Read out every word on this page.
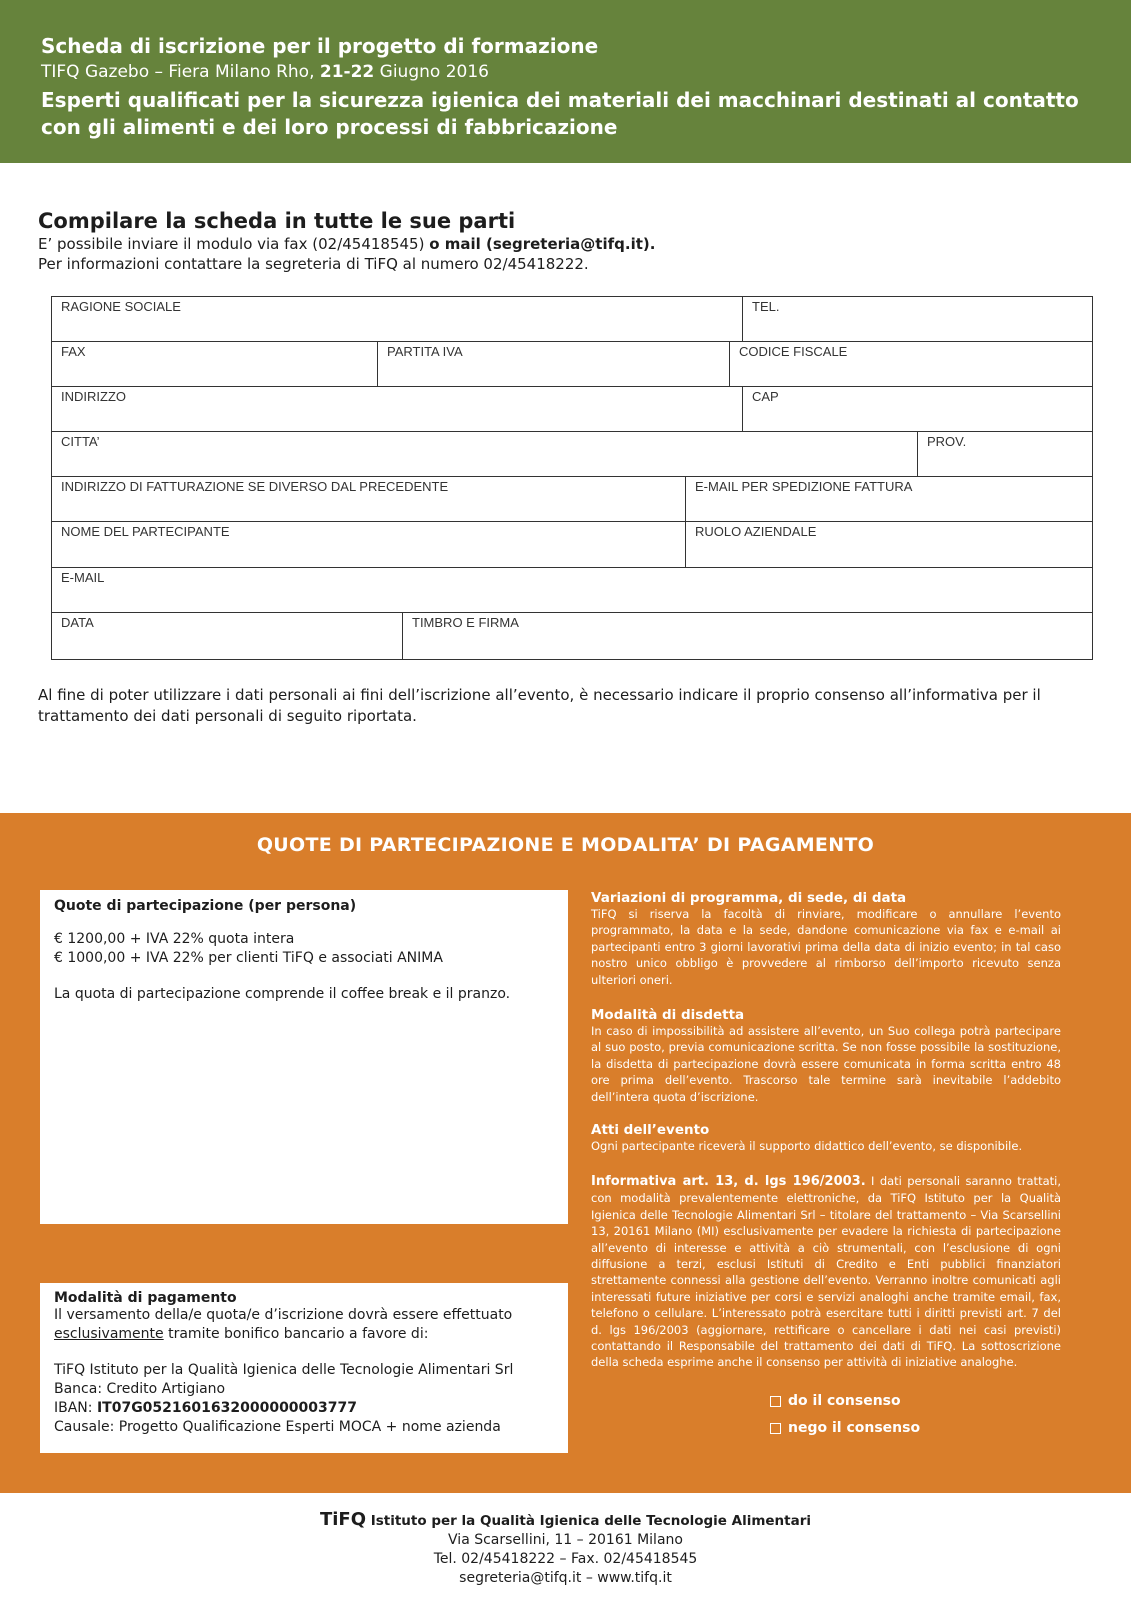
Scheda di iscrizione per il progetto di formazione
TIFQ Gazebo – Fiera Milano Rho, 21-22 Giugno 2016
Esperti qualificati per la sicurezza igienica dei materiali dei macchinari destinati al contatto con gli alimenti e dei loro processi di fabbricazione
Compilare la scheda in tutte le sue parti
E’ possibile inviare il modulo via fax (02/45418545) o mail (segreteria@tifq.it).
Per informazioni contattare la segreteria di TiFQ al numero 02/45418222.
RAGIONE SOCIALE	TEL.
FAX	PARTITA IVA	CODICE FISCALE
INDIRIZZO	CAP
CITTA’	PROV.
INDIRIZZO DI FATTURAZIONE SE DIVERSO DAL PRECEDENTE	E-MAIL PER SPEDIZIONE FATTURA
NOME DEL PARTECIPANTE	RUOLO AZIENDALE
E-MAIL
DATA	TIMBRO E FIRMA
Al fine di poter utilizzare i dati personali ai fini dell’iscrizione all’evento, è necessario indicare il proprio consenso all’informativa per il trattamento dei dati personali di seguito riportata.
QUOTE DI PARTECIPAZIONE E MODALITA’ DI PAGAMENTO
Quote di partecipazione (per persona)
€ 1200,00 + IVA 22% quota intera
€ 1000,00 + IVA 22% per clienti TiFQ e associati ANIMA
La quota di partecipazione comprende il coffee break e il pranzo.
Modalità di pagamento
Il versamento della/e quota/e d’iscrizione dovrà essere effettuato
esclusivamente tramite bonifico bancario a favore di:
TiFQ Istituto per la Qualità Igienica delle Tecnologie Alimentari Srl
Banca: Credito Artigiano
IBAN: IT07G0521601632000000003777
Causale: Progetto Qualificazione Esperti MOCA + nome azienda
Variazioni di programma, di sede, di data
TiFQ si riserva la facoltà di rinviare, modificare o annullare l’evento programmato, la data e la sede, dandone comunicazione via fax e e-mail ai partecipanti entro 3 giorni lavorativi prima della data di inizio evento; in tal caso nostro unico obbligo è provvedere al rimborso dell’importo ricevuto senza ulteriori oneri.
Modalità di disdetta
In caso di impossibilità ad assistere all’evento, un Suo collega potrà partecipare al suo posto, previa comunicazione scritta. Se non fosse possibile la sostituzione, la disdetta di partecipazione dovrà essere comunicata in forma scritta entro 48 ore prima dell’evento. Trascorso tale termine sarà inevitabile l’addebito dell’intera quota d’iscrizione.
Atti dell’evento
Ogni partecipante riceverà il supporto didattico dell’evento, se disponibile.
Informativa art. 13, d. lgs 196/2003. I dati personali saranno trattati, con modalità prevalentemente elettroniche, da TiFQ Istituto per la Qualità Igienica delle Tecnologie Alimentari Srl – titolare del trattamento – Via Scarsellini 13, 20161 Milano (MI) esclusivamente per evadere la richiesta di partecipazione all’evento di interesse e attività a ciò strumentali, con l’esclusione di ogni diffusione a terzi, esclusi Istituti di Credito e Enti pubblici finanziatori strettamente connessi alla gestione dell’evento. Verranno inoltre comunicati agli interessati future iniziative per corsi e servizi analoghi anche tramite email, fax, telefono o cellulare. L’interessato potrà esercitare tutti i diritti previsti art. 7 del d. lgs 196/2003 (aggiornare, rettificare o cancellare i dati nei casi previsti) contattando il Responsabile del trattamento dei dati di TiFQ. La sottoscrizione della scheda esprime anche il consenso per attività di iniziative analoghe.
do il consenso
nego il consenso
TiFQ Istituto per la Qualità Igienica delle Tecnologie Alimentari
Via Scarsellini, 11 – 20161 Milano
Tel. 02/45418222 – Fax. 02/45418545
segreteria@tifq.it – www.tifq.it
